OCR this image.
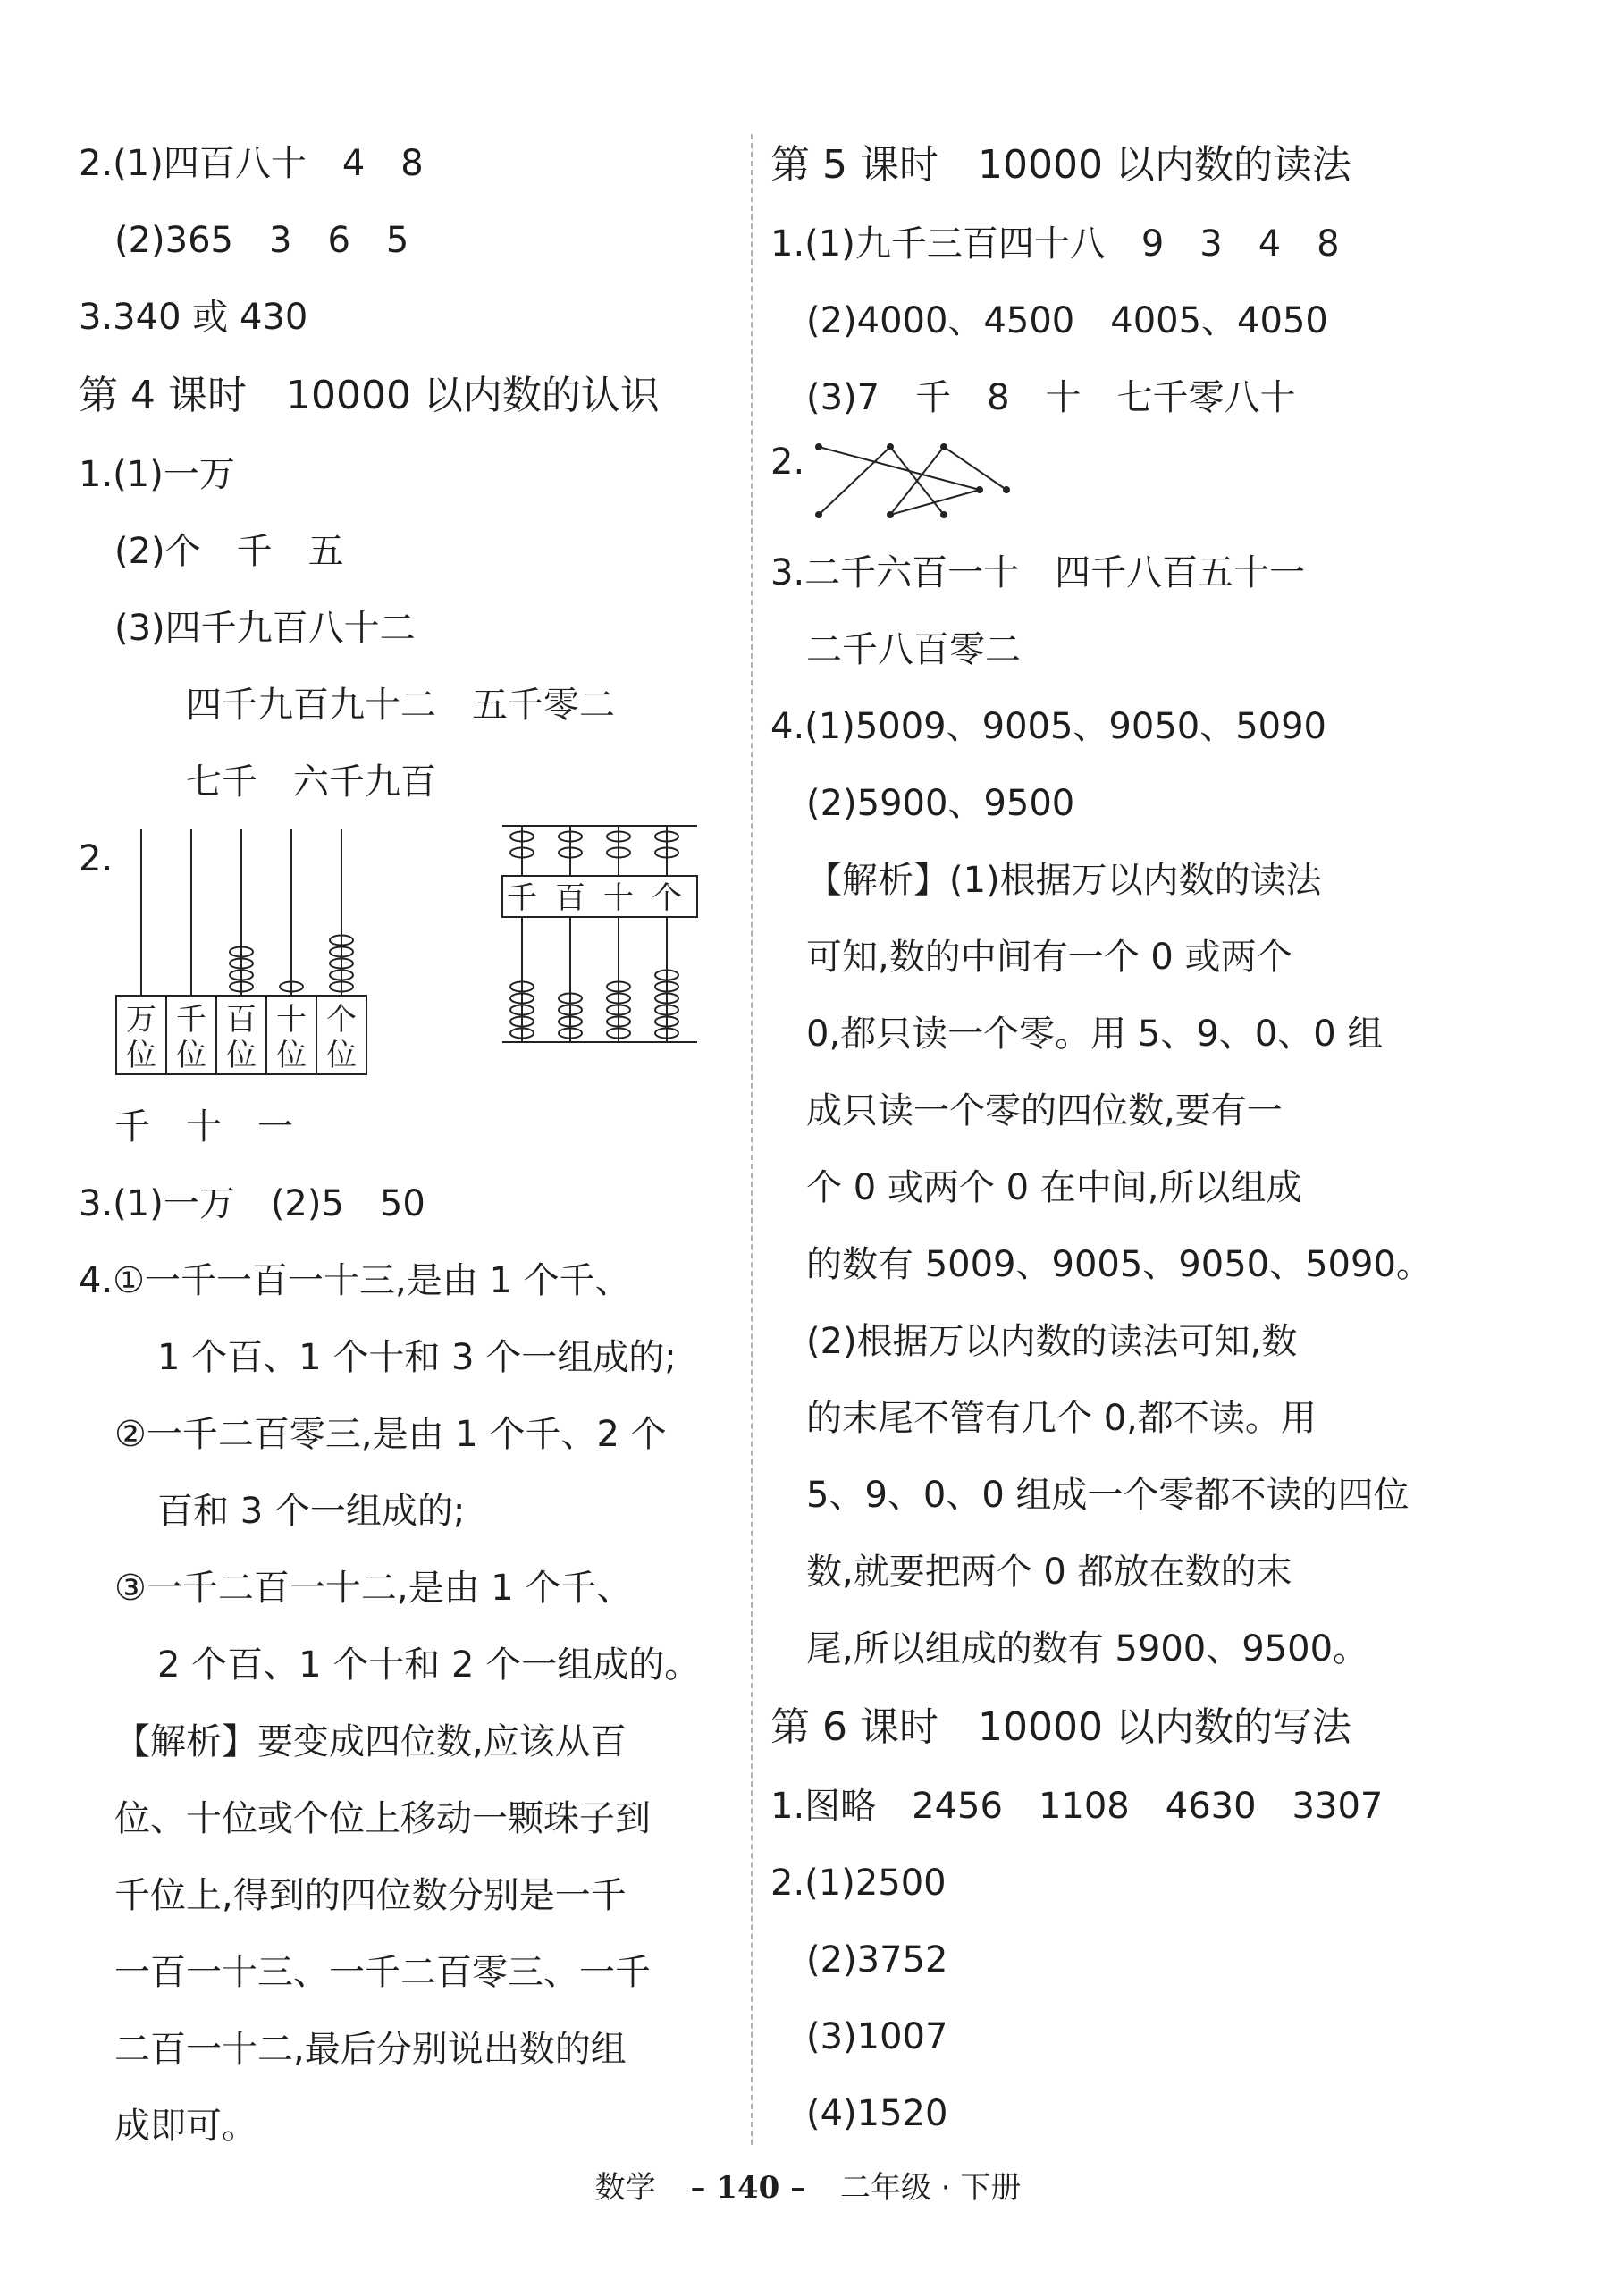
2.(1)四百八十　4　8
(2)365　3　6　5
3.340 或 430
第 4 课时　10000 以内数的认识
1.(1)一万
(2)个　千　五
(3)四千九百八十二
四千九百九十二　五千零二
七千　六千九百
2.
万 千 百 十 个
位 位 位 位 位
千 百 十 个
千　十　一
3.(1)一万　(2)5　50
4.①一千一百一十三,是由 1 个千、
1 个百、1 个十和 3 个一组成的;
②一千二百零三,是由 1 个千、2 个
百和 3 个一组成的;
③一千二百一十二,是由 1 个千、
2 个百、1 个十和 2 个一组成的。
【解析】要变成四位数,应该从百
位、十位或个位上移动一颗珠子到
千位上,得到的四位数分别是一千
一百一十三、一千二百零三、一千
二百一十二,最后分别说出数的组
成即可。
第 5 课时　10000 以内数的读法
1.(1)九千三百四十八　9　3　4　8
(2)4000、4500　4005、4050
(3)7　千　8　十　七千零八十
2.
3.二千六百一十　四千八百五十一
二千八百零二
4.(1)5009、9005、9050、5090
(2)5900、9500
【解析】(1)根据万以内数的读法
可知,数的中间有一个 0 或两个
0,都只读一个零。用 5、9、0、0 组
成只读一个零的四位数,要有一
个 0 或两个 0 在中间,所以组成
的数有 5009、9005、9050、5090。
(2)根据万以内数的读法可知,数
的末尾不管有几个 0,都不读。用
5、9、0、0 组成一个零都不读的四位
数,就要把两个 0 都放在数的末
尾,所以组成的数有 5900、9500。
第 6 课时　10000 以内数的写法
1.图略　2456　1108　4630　3307
2.(1)2500
(2)3752
(3)1007
(4)1520
数学 – 140 – 二年级 · 下册
